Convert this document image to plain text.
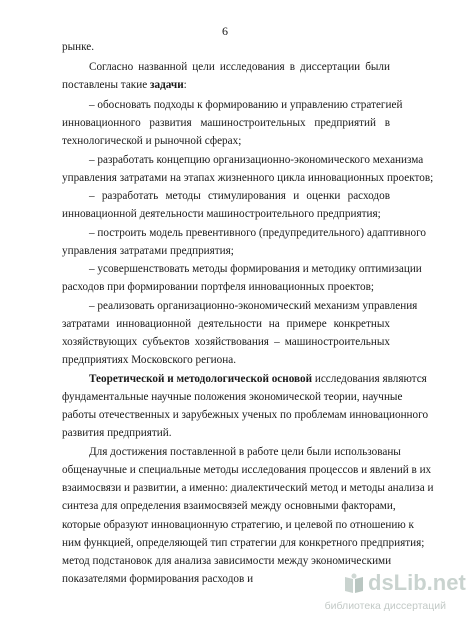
6
рынке.
Согласно названной цели исследования в диссертации были
поставлены такие задачи:
– обосновать подходы к формированию и управлению стратегией
инновационного развития машиностроительных предприятий в
технологической и рыночной сферах;
– разработать концепцию организационно-экономического механизма
управления затратами на этапах жизненного цикла инновационных проектов;
– разработать методы стимулирования и оценки расходов
инновационной деятельности машиностроительного предприятия;
– построить модель превентивного (предупредительного) адаптивного
управления затратами предприятия;
– усовершенствовать методы формирования и методику оптимизации
расходов при формировании портфеля инновационных проектов;
– реализовать организационно-экономический механизм управления
затратами инновационной деятельности на примере конкретных
хозяйствующих субъектов хозяйствования – машиностроительных
предприятиях Московского региона.
Теоретической и методологической основой исследования являются
фундаментальные научные положения экономической теории, научные
работы отечественных и зарубежных ученых по проблемам инновационного
развития предприятий.
Для достижения поставленной в работе цели были использованы
общенаучные и специальные методы исследования процессов и явлений в их
взаимосвязи и развитии, а именно: диалектический метод и методы анализа и
синтеза для определения взаимосвязей между основными факторами,
которые образуют инновационную стратегию, и целевой по отношению к
ним функцией, определяющей тип стратегии для конкретного предприятия;
метод подстановок для анализа зависимости между экономическими
показателями формирования расходов и	dsLib.net
библиотека диссертаций
